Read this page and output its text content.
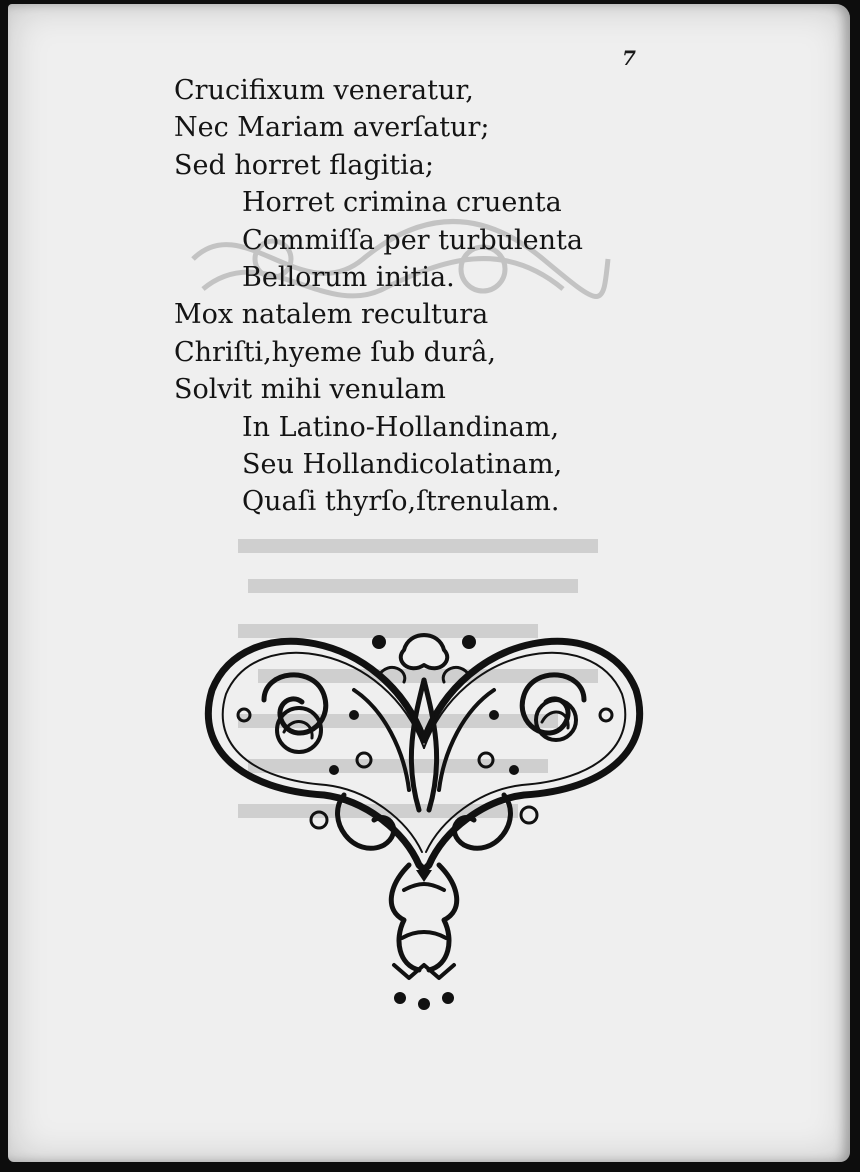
7
Crucifixum veneratur,
Nec Mariam averſatur;
Sed horret flagitia;
Horret crimina cruenta
Commiſſa per turbulenta
Bellorum initia.
Mox natalem recultura
Chriſti,hyeme ſub durâ,
Solvit mihi venulam
In Latino-Hollandinam,
Seu Hollandicolatinam,
Quaſi thyrſo,ſtrenulam.
